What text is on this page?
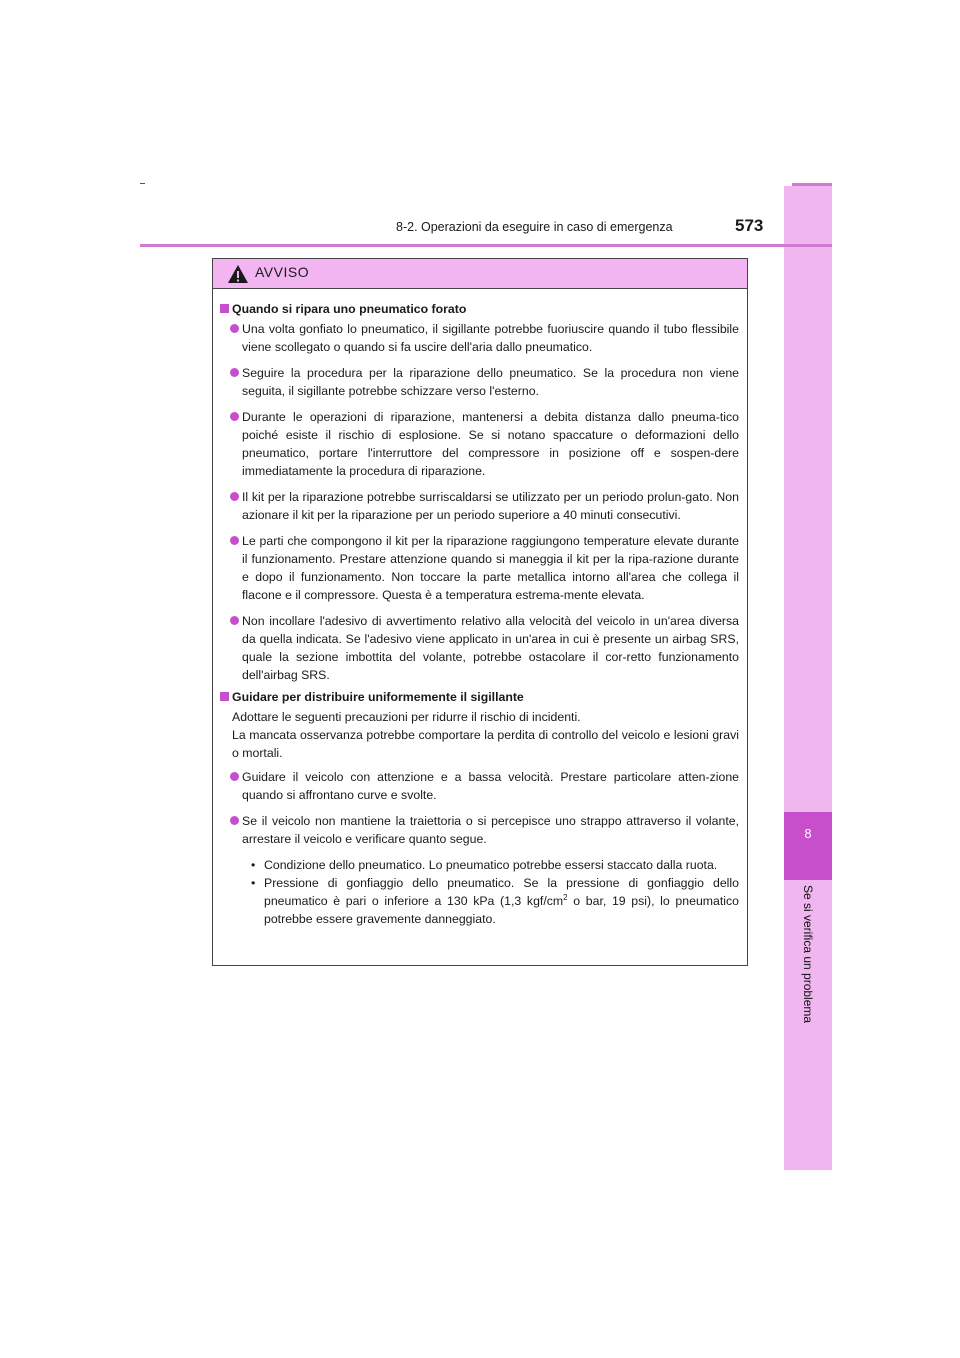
8
Se si verifica un problema
8-2. Operazioni da eseguire in caso di emergenza	573
AVVISO
Quando si ripara uno pneumatico forato
Una volta gonfiato lo pneumatico, il sigillante potrebbe fuoriuscire quando il tubo flessibile viene scollegato o quando si fa uscire dell'aria dallo pneumatico.
Seguire la procedura per la riparazione dello pneumatico. Se la procedura non viene seguita, il sigillante potrebbe schizzare verso l'esterno.
Durante le operazioni di riparazione, mantenersi a debita distanza dallo pneuma-tico poiché esiste il rischio di esplosione. Se si notano spaccature o deformazioni dello pneumatico, portare l'interruttore del compressore in posizione off e sospen-dere immediatamente la procedura di riparazione.
Il kit per la riparazione potrebbe surriscaldarsi se utilizzato per un periodo prolun-gato. Non azionare il kit per la riparazione per un periodo superiore a 40 minuti consecutivi.
Le parti che compongono il kit per la riparazione raggiungono temperature elevate durante il funzionamento. Prestare attenzione quando si maneggia il kit per la ripa-razione durante e dopo il funzionamento. Non toccare la parte metallica intorno all'area che collega il flacone e il compressore. Questa è a temperatura estrema-mente elevata.
Non incollare l'adesivo di avvertimento relativo alla velocità del veicolo in un'area diversa da quella indicata. Se l'adesivo viene applicato in un'area in cui è presente un airbag SRS, quale la sezione imbottita del volante, potrebbe ostacolare il cor-retto funzionamento dell'airbag SRS.
Guidare per distribuire uniformemente il sigillante
Adottare le seguenti precauzioni per ridurre il rischio di incidenti.
La mancata osservanza potrebbe comportare la perdita di controllo del veicolo e lesioni gravi o mortali.
Guidare il veicolo con attenzione e a bassa velocità. Prestare particolare atten-zione quando si affrontano curve e svolte.
Se il veicolo non mantiene la traiettoria o si percepisce uno strappo attraverso il volante, arrestare il veicolo e verificare quanto segue.
• Condizione dello pneumatico. Lo pneumatico potrebbe essersi staccato dalla ruota.
• Pressione di gonfiaggio dello pneumatico. Se la pressione di gonfiaggio dello pneumatico è pari o inferiore a 130 kPa (1,3 kgf/$cm^2$ o bar, 19 psi), lo pneumatico potrebbe essere gravemente danneggiato.
